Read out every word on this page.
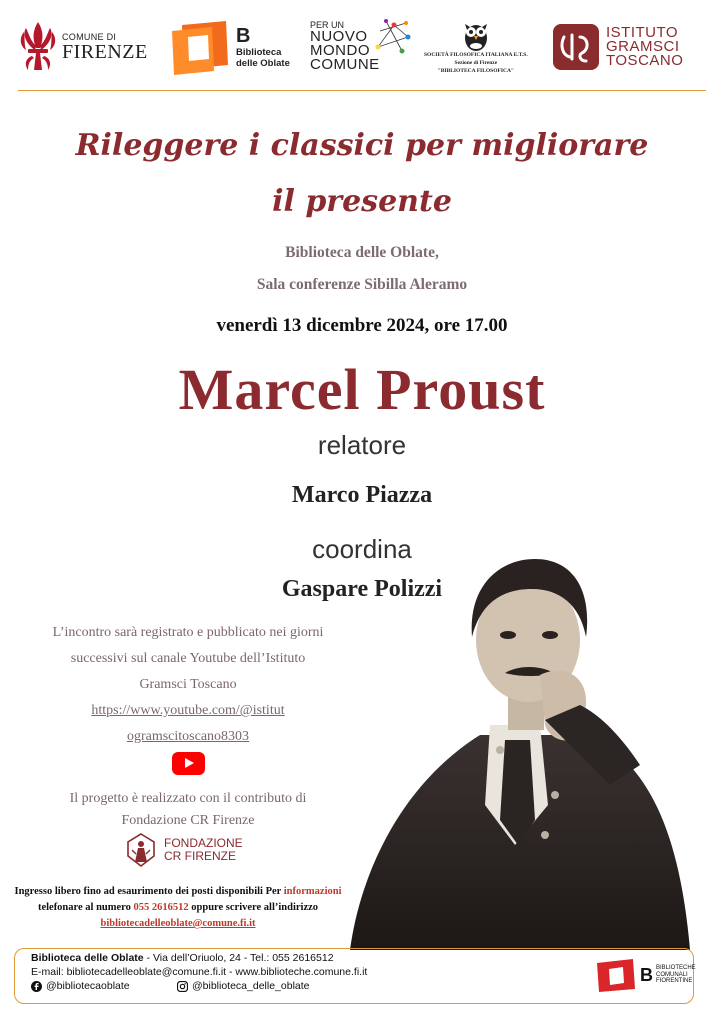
COMUNE DI
FIRENZE
B
Biblioteca
delle Oblate
PER UN
NUOVO
MONDO
COMUNE
SOCIETÀ FILOSOFICA ITALIANA E.T.S.
Sezione di Firenze
"BIBLIOTECA FILOSOFICA"
ISTITUTO
GRAMSCI
TOSCANO
Rileggere i classici per migliorare
il presente
Biblioteca delle Oblate,
Sala conferenze Sibilla Aleramo
venerdì 13 dicembre 2024, ore 17.00
Marcel Proust
relatore
Marco Piazza
coordina
Gaspare Polizzi
L’incontro sarà registrato e pubblicato nei giorni
successivi sul canale Youtube dell’Istituto
Gramsci Toscano
https://www.youtube.com/@istitut
ogramscitoscano8303
Il progetto è realizzato con il contributo di
Fondazione CR Firenze
FONDAZIONE
CR FIRENZE
Ingresso libero fino ad esaurimento dei posti disponibili Per informazioni
telefonare al numero 055 2616512 oppure scrivere all’indirizzo
bibliotecadelleoblate@comune.fi.it
Biblioteca delle Oblate - Via dell’Oriuolo, 24 - Tel.: 055 2616512
E-mail: bibliotecadelleoblate@comune.fi.it - www.biblioteche.comune.fi.it
@bibliotecaoblate	@biblioteca_delle_oblate
B BIBLIOTECHE
COMUNALI
FIORENTINE
